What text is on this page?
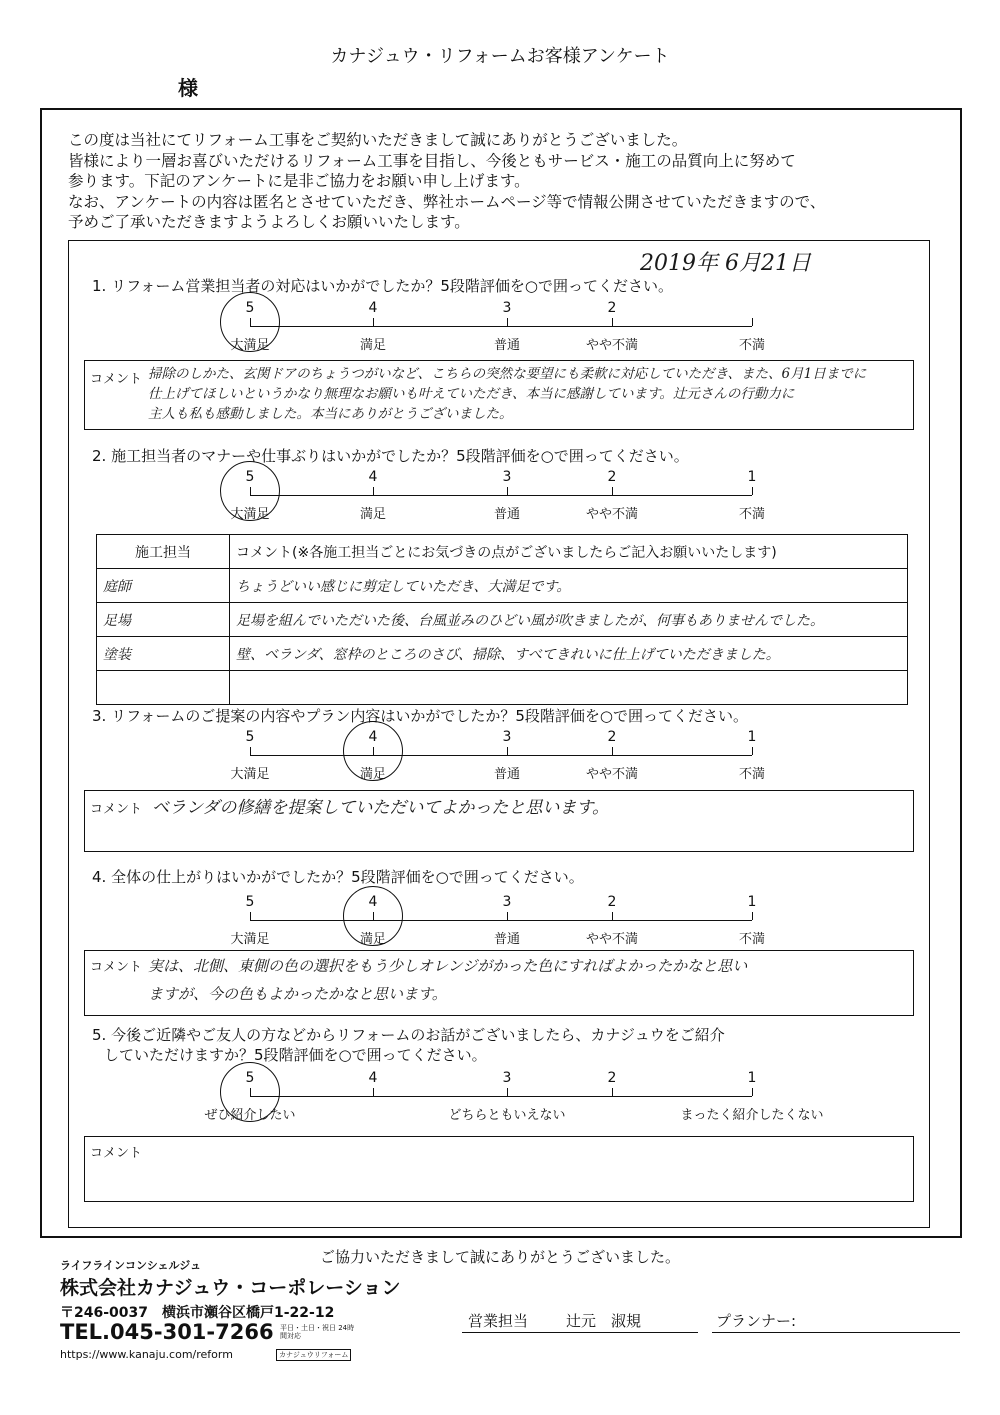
カナジュウ・リフォームお客様アンケート
様
この度は当社にてリフォーム工事をご契約いただきまして誠にありがとうございました。
皆様により一層お喜びいただけるリフォーム工事を目指し、今後ともサービス・施工の品質向上に努めて
参ります。下記のアンケートに是非ご協力をお願い申し上げます。
なお、アンケートの内容は匿名とさせていただき、弊社ホームページ等で情報公開させていただきますので、
予めご了承いただきますようよろしくお願いいたします。
2019年 6月21日
1. リフォーム営業担当者の対応はいかがでしたか？5段階評価を○で囲ってください。
コメント 掃除のしかた、玄関ドアのちょうつがいなど、こちらの突然な要望にも柔軟に対応していただき、また、6月1日までに
仕上げてほしいというかなり無理なお願いも叶えていただき、本当に感謝しています。辻元さんの行動力に
主人も私も感動しました。本当にありがとうございました。
2. 施工担当者のマナーや仕事ぶりはいかがでしたか？5段階評価を○で囲ってください。
施工担当	コメント(※各施工担当ごとにお気づきの点がございましたらご記入お願いいたします)
庭師	ちょうどいい感じに剪定していただき、大満足です。
足場	足場を組んでいただいた後、台風並みのひどい風が吹きましたが、何事もありませんでした。
塗装	壁、ベランダ、窓枠のところのさび、掃除、すべてきれいに仕上げていただきました。

3. リフォームのご提案の内容やプラン内容はいかがでしたか？5段階評価を○で囲ってください。
コメント ベランダの修繕を提案していただいてよかったと思います。
4. 全体の仕上がりはいかがでしたか？5段階評価を○で囲ってください。
コメント 実は、北側、東側の色の選択をもう少しオレンジがかった色にすればよかったかなと思い
ますが、今の色もよかったかなと思います。
5. 今後ご近隣やご友人の方などからリフォームのお話がございましたら、カナジュウをご紹介
していただけますか？5段階評価を○で囲ってください。
コメント
ご協力いただきまして誠にありがとうございました。
ライフラインコンシェルジュ
株式会社カナジュウ・コーポレーション
〒246-0037　横浜市瀬谷区橋戸1-22-12
TEL.045-301-7266 平日・土日・祝日 24時間対応
https://www.kanaju.com/reform	カナジュウリフォーム
営業担当	辻元　淑規	プランナー:
5
大満足
4
満足
3
普通
2
やや不満	不満
5
大満足
4
満足
3
普通
2
やや不満
1
不満
5
大満足
4
満足
3
普通
2
やや不満
1
不満
5
大満足
4
満足
3
普通
2
やや不満
1
不満
5
ぜひ紹介したい
4	3
どちらともいえない
2	1
まったく紹介したくない
